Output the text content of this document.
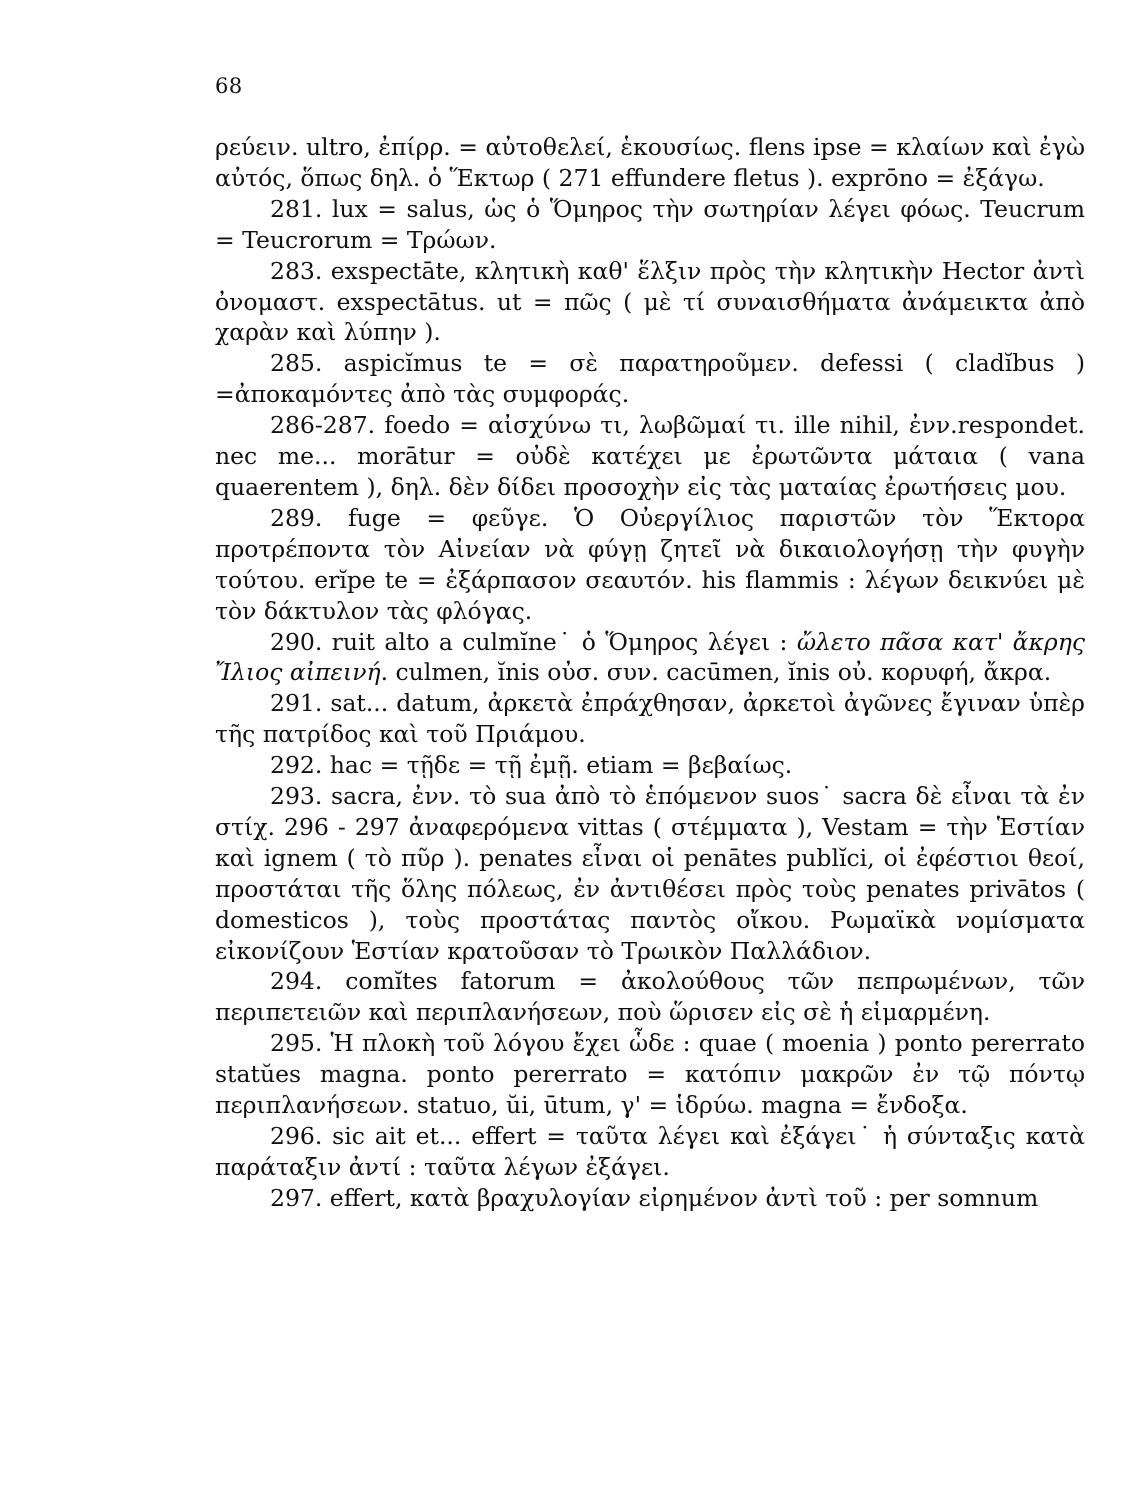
68

ρεύειν. ultro, ἐπίρρ. = αὐτοθελεί, ἑκουσίως. flens ipse = κλαίων καὶ ἐγὼ αὐτός, ὅπως δηλ. ὁ Ἕκτωρ ( 271 effundere fletus ). exprōno = ἐξάγω.

281. lux = salus, ὡς ὁ Ὅμηρος τὴν σωτηρίαν λέγει φόως. Teucrum = Teucrorum = Τρώων.

283. exspectāte, κλητικὴ καθ' ἕλξιν πρὸς τὴν κλητικὴν Hector ἀντὶ ὀνομαστ. exspectātus. ut = πῶς ( μὲ τί συναισθήματα ἀνάμεικτα ἀπὸ χαρὰν καὶ λύπην ).

285. aspicĭmus te = σὲ παρατηροῦμεν. defessi ( cladĭbus ) =ἀποκαμόντες ἀπὸ τὰς συμφοράς.

286-287. foedo = αἰσχύνω τι, λωβῶμαί τι. ille nihil, ἐνν.respondet. nec me... morātur = οὐδὲ κατέχει με ἐρωτῶντα μάταια ( vana quaerentem ), δηλ. δὲν δίδει προσοχὴν εἰς τὰς ματαίας ἐρωτήσεις μου.

289. fuge = φεῦγε. Ὁ Οὐεργίλιος παριστῶν τὸν Ἕκτορα προτρέποντα τὸν Αἰνείαν νὰ φύγῃ ζητεῖ νὰ δικαιολογήσῃ τὴν φυγὴν τούτου. erĭpe te = ἐξάρπασον σεαυτόν. his flammis : λέγων δεικνύει μὲ τὸν δάκτυλον τὰς φλόγας.

290. ruit alto a culmĭne˙ ὁ Ὅμηρος λέγει : ὤλετο πᾶσα κατ' ἄκρης Ἴλιος αἰπεινή. culmen, ĭnis οὐσ. συν. cacūmen, ĭnis οὐ. κορυφή, ἄκρα.

291. sat... datum, ἀρκετὰ ἐπράχθησαν, ἀρκετοὶ ἀγῶνες ἔγιναν ὑπὲρ τῆς πατρίδος καὶ τοῦ Πριάμου.

292. hac = τῇδε = τῇ ἐμῇ. etiam = βεβαίως.

293. sacra, ἐνν. τὸ sua ἀπὸ τὸ ἑπόμενον suos˙ sacra δὲ εἶναι τὰ ἐν στίχ. 296 - 297 ἀναφερόμενα vittas ( στέμματα ), Vestam = τὴν Ἑστίαν καὶ ignem ( τὸ πῦρ ). penates εἶναι οἱ penātes publĭci, οἱ ἐφέστιοι θεοί, προστάται τῆς ὅλης πόλεως, ἐν ἀντιθέσει πρὸς τοὺς penates privātos ( domesticos ), τοὺς προστάτας παντὸς οἴκου. Ρωμαϊκὰ νομίσματα εἰκονίζουν Ἑστίαν κρατοῦσαν τὸ Τρωικὸν Παλλάδιον.

294. comĭtes fatorum = ἀκολούθους τῶν πεπρωμένων, τῶν περιπετειῶν καὶ περιπλανήσεων, ποὺ ὥρισεν εἰς σὲ ἡ εἱμαρμένη.

295. Ἡ πλοκὴ τοῦ λόγου ἔχει ὧδε : quae ( moenia ) ponto pererrato statŭes magna. ponto pererrato = κατόπιν μακρῶν ἐν τῷ πόντῳ περιπλανήσεων. statuo, ŭi, ūtum, γ' = ἱδρύω. magna = ἔνδοξα.

296. sic ait et... effert = ταῦτα λέγει καὶ ἐξάγει˙ ἡ σύνταξις κατὰ παράταξιν ἀντί : ταῦτα λέγων ἐξάγει.

297. effert, κατὰ βραχυλογίαν εἰρημένον ἀντὶ τοῦ : per somnum
